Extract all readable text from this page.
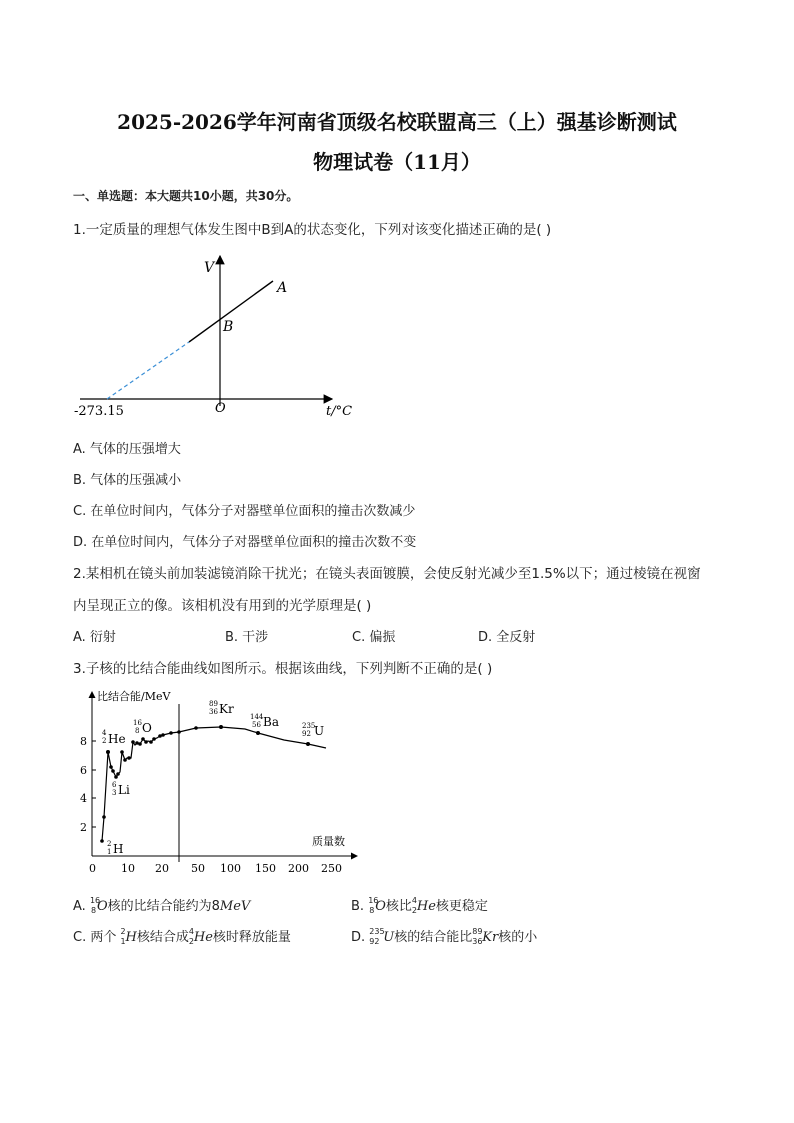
2025-2026学年河南省顶级名校联盟高三（上）强基诊断测试
物理试卷（11月）
一、单选题：本大题共10小题，共30分。
1.一定质量的理想气体发生图中B到A的状态变化，下列对该变化描述正确的是( )
V
A
B
O
-273.15	t/°C
A. 气体的压强增大
B. 气体的压强减小
C. 在单位时间内，气体分子对器壁单位面积的撞击次数减少
D. 在单位时间内，气体分子对器壁单位面积的撞击次数不变
2.某相机在镜头前加装滤镜消除干扰光；在镜头表面镀膜，会使反射光减少至1.5%以下；通过棱镜在视窗
内呈现正立的像。该相机没有用到的光学原理是( )
A. 衍射	B. 干涉	C. 偏振	D. 全反射
3.子核的比结合能曲线如图所示。根据该曲线，下列判断不正确的是( )
2
4
6
8
0 10 20 50 100 150 200 250
比结合能/MeV
质量数
2
1 H
4
2 He
6
3 Li
16
8 O
89
36 Kr
144
56 Ba	235
92 U
A. 16
8 O核的比结合能约为8MeV	B. 16
8 O核比 4
2 He核更稳定
C. 两个 2
1 H核结合成 4
2 He核时释放能量	D. 235
92 U核的结合能比 89
36 Kr核的小
